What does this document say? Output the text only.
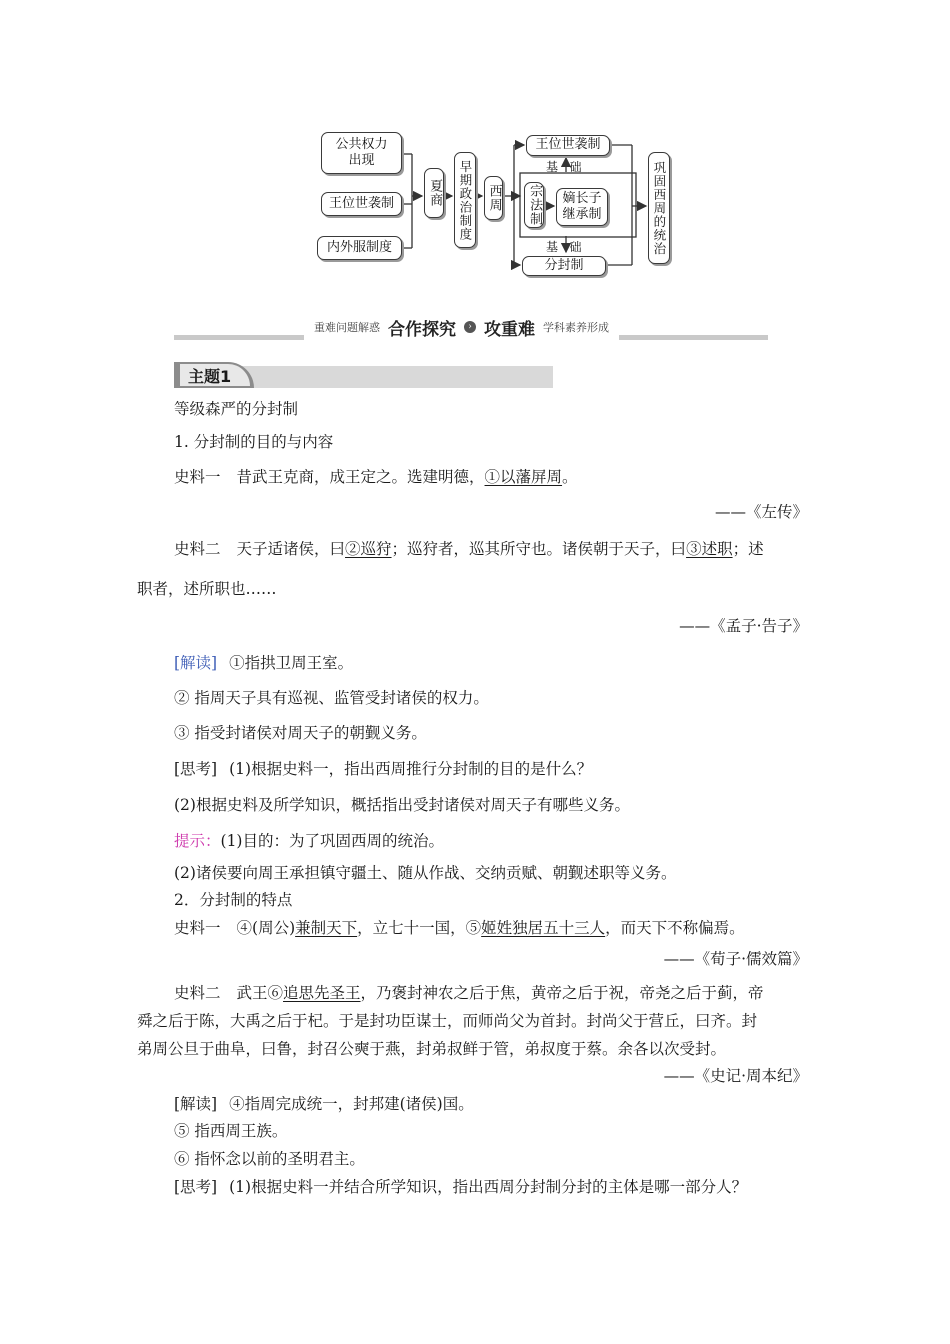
公共权力
出现
王位世袭制
内外服制度
夏商	早期政治制度 西周
王位世袭制
基   础
宗法制	嫡长子
继承制
基   础
分封制
巩固西周的统治
重难问题解惑 合作探究	› 攻重难 学科素养形成
主题1
等级森严的分封制
1. 分封制的目的与内容
史料一 昔武王克商，成王定之。选建明德，①以藩屏周。
——《左传》
史料二 天子适诸侯，曰②巡狩；巡狩者，巡其所守也。诸侯朝于天子，曰③述职；述
职者，述所职也……
——《孟子·告子》
[解读] ①指拱卫周王室。
② 指周天子具有巡视、监管受封诸侯的权力。
③ 指受封诸侯对周天子的朝觐义务。
[思考] (1)根据史料一，指出西周推行分封制的目的是什么？
(2)根据史料及所学知识，概括指出受封诸侯对周天子有哪些义务。
提示：(1)目的：为了巩固西周的统治。
(2)诸侯要向周王承担镇守疆土、随从作战、交纳贡赋、朝觐述职等义务。
2．分封制的特点
史料一 ④(周公)兼制天下，立七十一国，⑤姬姓独居五十三人，而天下不称偏焉。
——《荀子·儒效篇》
史料二 武王⑥追思先圣王，乃褒封神农之后于焦，黄帝之后于祝，帝尧之后于蓟，帝
舜之后于陈，大禹之后于杞。于是封功臣谋士，而师尚父为首封。封尚父于营丘，曰齐。封
弟周公旦于曲阜，曰鲁，封召公奭于燕，封弟叔鲜于管，弟叔度于蔡。余各以次受封。
——《史记·周本纪》
[解读] ④指周完成统一，封邦建(诸侯)国。
⑤ 指西周王族。
⑥ 指怀念以前的圣明君主。
[思考] (1)根据史料一并结合所学知识，指出西周分封制分封的主体是哪一部分人？
